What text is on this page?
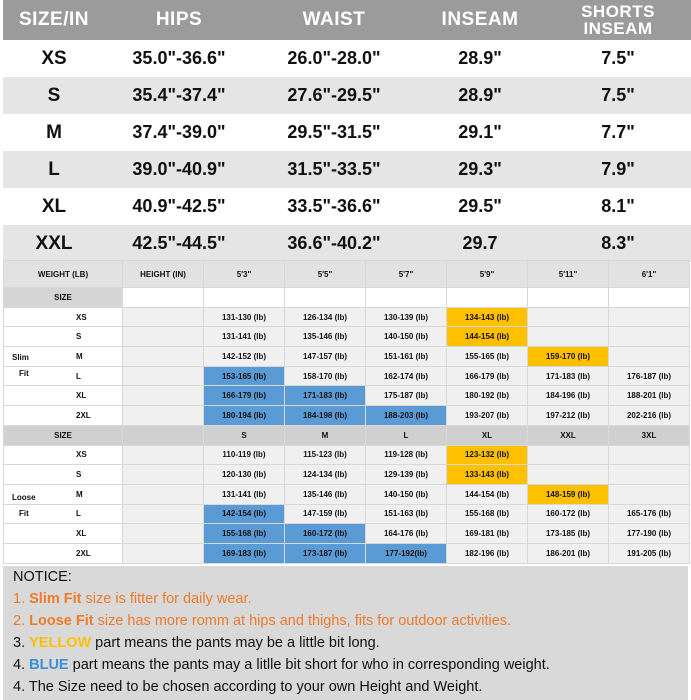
SIZE/IN	HIPS	WAIST	INSEAM	SHORTS INSEAM
XS	35.0"-36.6"	26.0"-28.0"	28.9"	7.5"
S	35.4"-37.4"	27.6"-29.5"	28.9"	7.5"
M	37.4"-39.0"	29.5"-31.5"	29.1"	7.7"
L	39.0"-40.9"	31.5"-33.5"	29.3"	7.9"
XL	40.9"-42.5"	33.5"-36.6"	29.5"	8.1"
XXL	42.5"-44.5"	36.6"-40.2"	29.7	8.3"
WEIGHT (LB)	HEIGHT (IN)	5'3"	5'5"	5'7"	5'9"	5'11"	6'1"
SIZE							
XS		131-130 (lb)	126-134 (lb)	130-139 (lb)	134-143 (lb)		
S		131-141 (lb)	135-146 (lb)	140-150 (lb)	144-154 (lb)		
M		142-152 (lb)	147-157 (lb)	151-161 (lb)	155-165 (lb)	159-170 (lb)	
L		153-165 (lb)	158-170 (lb)	162-174 (lb)	166-179 (lb)	171-183 (lb)	176-187 (lb)
XL		166-179 (lb)	171-183 (lb)	175-187 (lb)	180-192 (lb)	184-196 (lb)	188-201 (lb)
2XL		180-194 (lb)	184-198 (lb)	188-203 (lb)	193-207 (lb)	197-212 (lb)	202-216 (lb)
SIZE		S	M	L	XL	XXL	3XL
XS		110-119 (lb)	115-123 (lb)	119-128 (lb)	123-132 (lb)		
S		120-130 (lb)	124-134 (lb)	129-139 (lb)	133-143 (lb)		
M		131-141 (lb)	135-146 (lb)	140-150 (lb)	144-154 (lb)	148-159 (lb)	
L		142-154 (lb)	147-159 (lb)	151-163 (lb)	155-168 (lb)	160-172 (lb)	165-176 (lb)
XL		155-168 (lb)	160-172 (lb)	164-176 (lb)	169-181 (lb)	173-185 (lb)	177-190 (lb)
2XL		169-183 (lb)	173-187 (lb)	177-192(lb)	182-196 (lb)	186-201 (lb)	191-205 (lb)
NOTICE:
1. Slim Fit size is fitter for daily wear.
2. Loose Fit size has more romm at hips and thighs, fits for outdoor activities.
3. YELLOW part means the pants may be a little bit long.
4. BLUE part means the pants may a litlle bit short for who in corresponding weight.
4. The Size need to be chosen according to your own Height and Weight.
Slim
Fit
Loose
Fit
